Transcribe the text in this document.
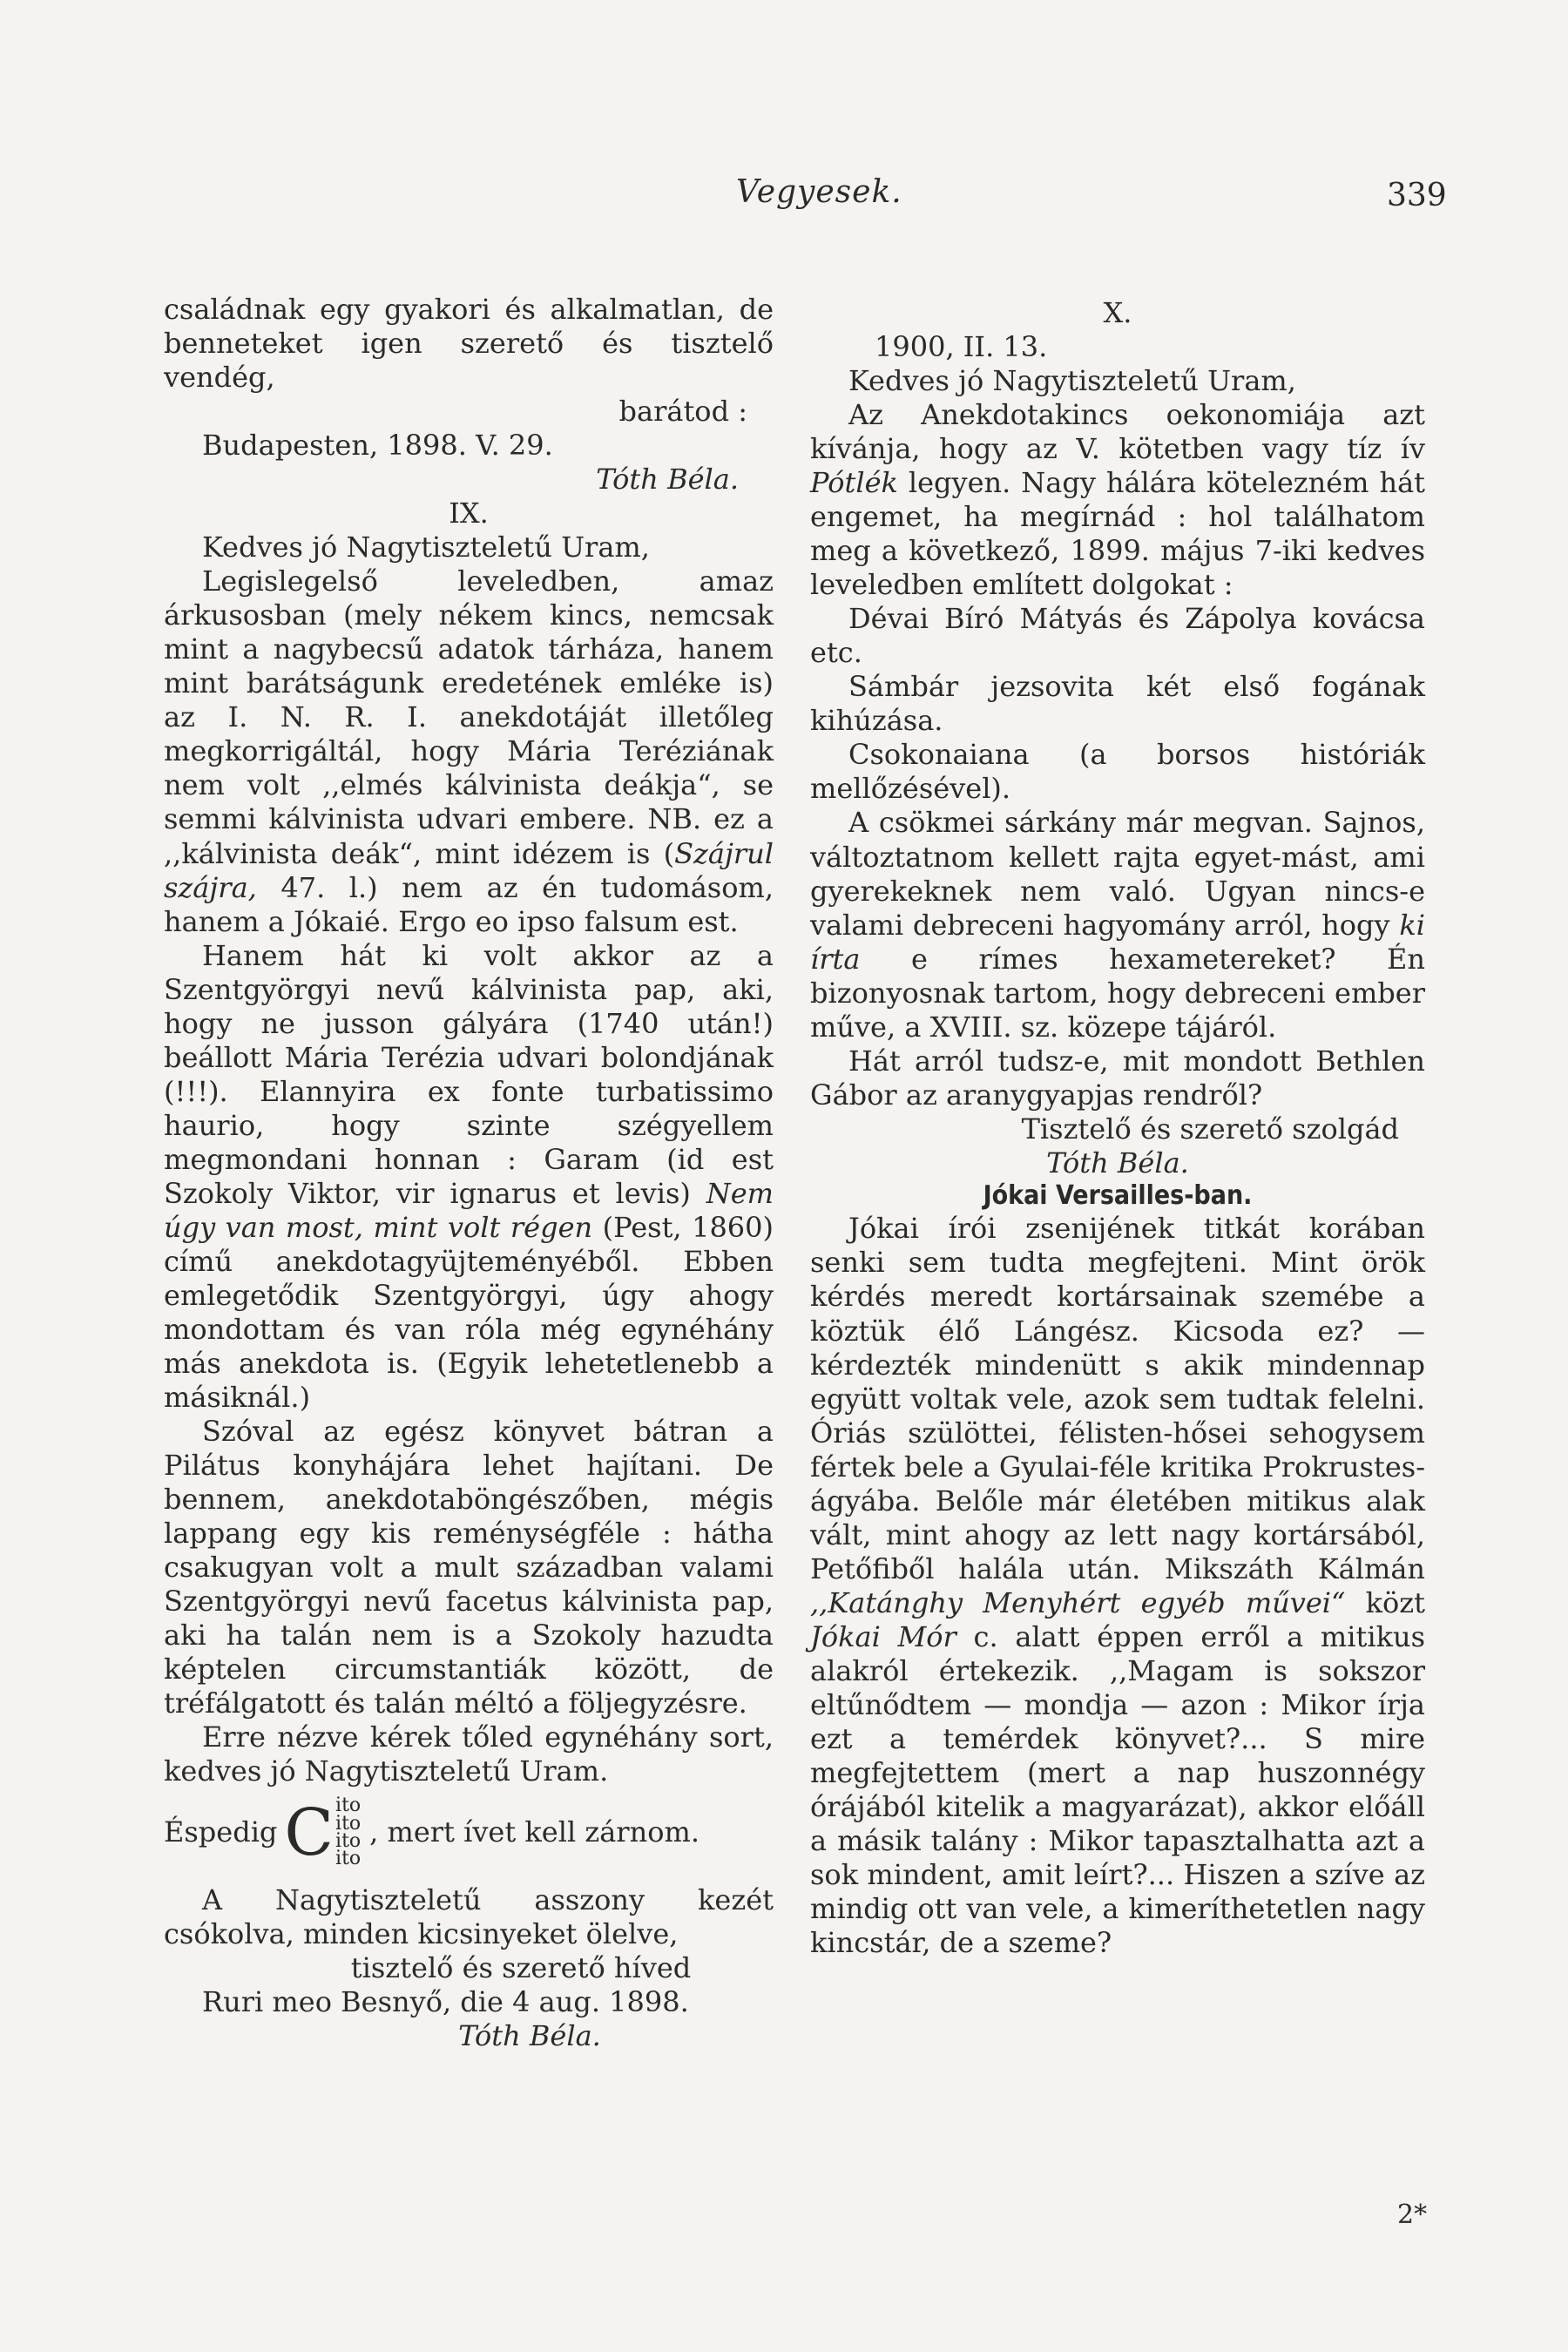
Vegyesek.	339

családnak egy gyakori és alkalmatlan, de benneteket igen szerető és tisztelő vendég,

barátod :

Budapesten, 1898. V. 29.

Tóth Béla.

IX.

Kedves jó Nagytiszteletű Uram,

Legislegelső leveledben, amaz árkusosban (mely nékem kincs, nemcsak mint a nagybecsű adatok tárháza, hanem mint barátságunk eredetének emléke is) az I. N. R. I. anekdotáját illetőleg megkorrigáltál, hogy Mária Teréziának nem volt ,,elmés kálvinista deákja“, se semmi kálvinista udvari embere. NB. ez a ,,kálvinista deák“, mint idézem is (Szájrul szájra, 47. l.) nem az én tudomásom, hanem a Jókaié. Ergo eo ipso falsum est.

Hanem hát ki volt akkor az a Szentgyörgyi nevű kálvinista pap, aki, hogy ne jusson gályára (1740 után!) beállott Mária Terézia udvari bolondjának (!!!). Elannyira ex fonte turbatissimo haurio, hogy szinte szégyellem megmondani honnan : Garam (id est Szokoly Viktor, vir ignarus et levis) Nem úgy van most, mint volt régen (Pest, 1860) című anekdotagyüjteményéből. Ebben emlegetődik Szentgyörgyi, úgy ahogy mondottam és van róla még egynéhány más anekdota is. (Egyik lehetetlenebb a másiknál.)

Szóval az egész könyvet bátran a Pilátus konyhájára lehet hajítani. De bennem, anekdotaböngészőben, mégis lappang egy kis reménységféle : hátha csakugyan volt a mult században valami Szentgyörgyi nevű facetus kálvinista pap, aki ha talán nem is a Szokoly hazudta képtelen circumstantiák között, de tréfálgatott és talán méltó a följegyzésre.

Erre nézve kérek tőled egynéhány sort, kedves jó Nagytiszteletű Uram.

Éspedig C ito
ito
ito
ito
, mert ívet kell zárnom.

A Nagytiszteletű asszony kezét csókolva, minden kicsinyeket ölelve,

tisztelő és szerető híved

Ruri meo Besnyő, die 4 aug. 1898.

Tóth Béla.

X.

1900, II. 13.

Kedves jó Nagytiszteletű Uram,

Az Anekdotakincs oekonomiája azt kívánja, hogy az V. kötetben vagy tíz ív Pótlék legyen. Nagy hálára kötelezném hát engemet, ha megírnád : hol találhatom meg a következő, 1899. május 7-iki kedves leveledben említett dolgokat :

Dévai Bíró Mátyás és Zápolya kovácsa etc.

Sámbár jezsovita két első fogának kihúzása.

Csokonaiana (a borsos históriák mellőzésével).

A csökmei sárkány már megvan. Sajnos, változtatnom kellett rajta egyet-mást, ami gyerekeknek nem való. Ugyan nincs-e valami debreceni hagyomány arról, hogy ki írta e rímes hexametereket? Én bizonyosnak tartom, hogy debreceni ember műve, a XVIII. sz. közepe tájáról.

Hát arról tudsz-e, mit mondott Bethlen Gábor az aranygyapjas rendről?

Tisztelő és szerető szolgád

Tóth Béla.

Jókai Versailles-ban.

Jókai írói zsenijének titkát korában senki sem tudta megfejteni. Mint örök kérdés meredt kortársainak szemébe a köztük élő Lángész. Kicsoda ez? — kérdezték mindenütt s akik mindennap együtt voltak vele, azok sem tudtak felelni. Óriás szülöttei, félisten-hősei sehogysem fértek bele a Gyulai-féle kritika Prokrustes-ágyába. Belőle már életében mitikus alak vált, mint ahogy az lett nagy kortársából, Petőfiből halála után. Mikszáth Kálmán ,,Katánghy Menyhért egyéb művei“ közt Jókai Mór c. alatt éppen erről a mitikus alakról értekezik. ,,Magam is sokszor eltűnődtem — mondja — azon : Mikor írja ezt a temérdek könyvet?... S mire megfejtettem (mert a nap huszonnégy órájából kitelik a magyarázat), akkor előáll a másik talány : Mikor tapasztalhatta azt a sok mindent, amit leírt?... Hiszen a szíve az mindig ott van vele, a kimeríthetetlen nagy kincstár, de a szeme?

2*
